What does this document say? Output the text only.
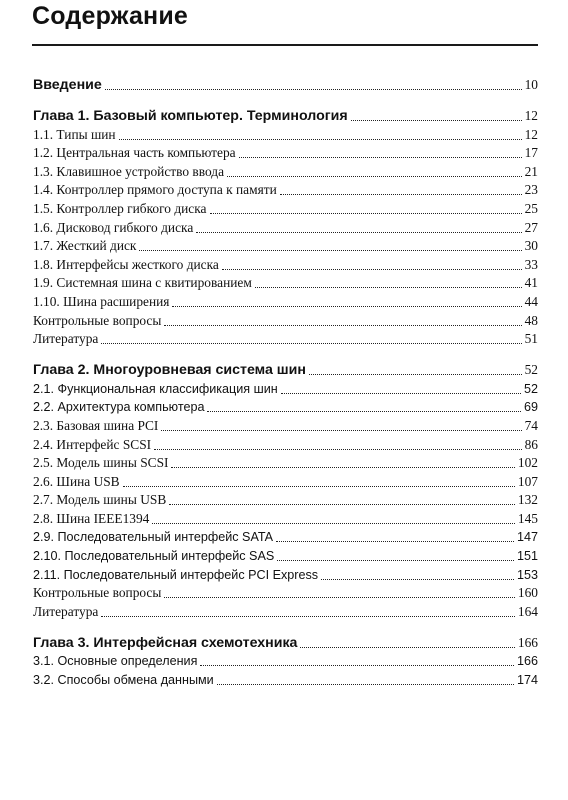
Содержание
Введение	10
Глава 1. Базовый компьютер. Терминология	12
1.1. Типы шин	12
1.2. Центральная часть компьютера	17
1.3. Клавишное устройство ввода	21
1.4. Контроллер прямого доступа к памяти	23
1.5. Контроллер гибкого диска	25
1.6. Дисковод гибкого диска	27
1.7. Жесткий диск	30
1.8. Интерфейсы жесткого диска	33
1.9. Системная шина с квитированием	41
1.10. Шина расширения	44
Контрольные вопросы	48
Литература	51
Глава 2. Многоуровневая система шин	52
2.1. Функциональная классификация шин	52
2.2. Архитектура компьютера	69
2.3. Базовая шина PCI	74
2.4. Интерфейс SCSI	86
2.5. Модель шины SCSI	102
2.6. Шина USB	107
2.7. Модель шины USB	132
2.8. Шина IEEE1394	145
2.9. Последовательный интерфейс SATA	147
2.10. Последовательный интерфейс SAS	151
2.11. Последовательный интерфейс PCI Express	153
Контрольные вопросы	160
Литература	164
Глава 3. Интерфейсная схемотехника	166
3.1. Основные определения	166
3.2. Способы обмена данными	174
